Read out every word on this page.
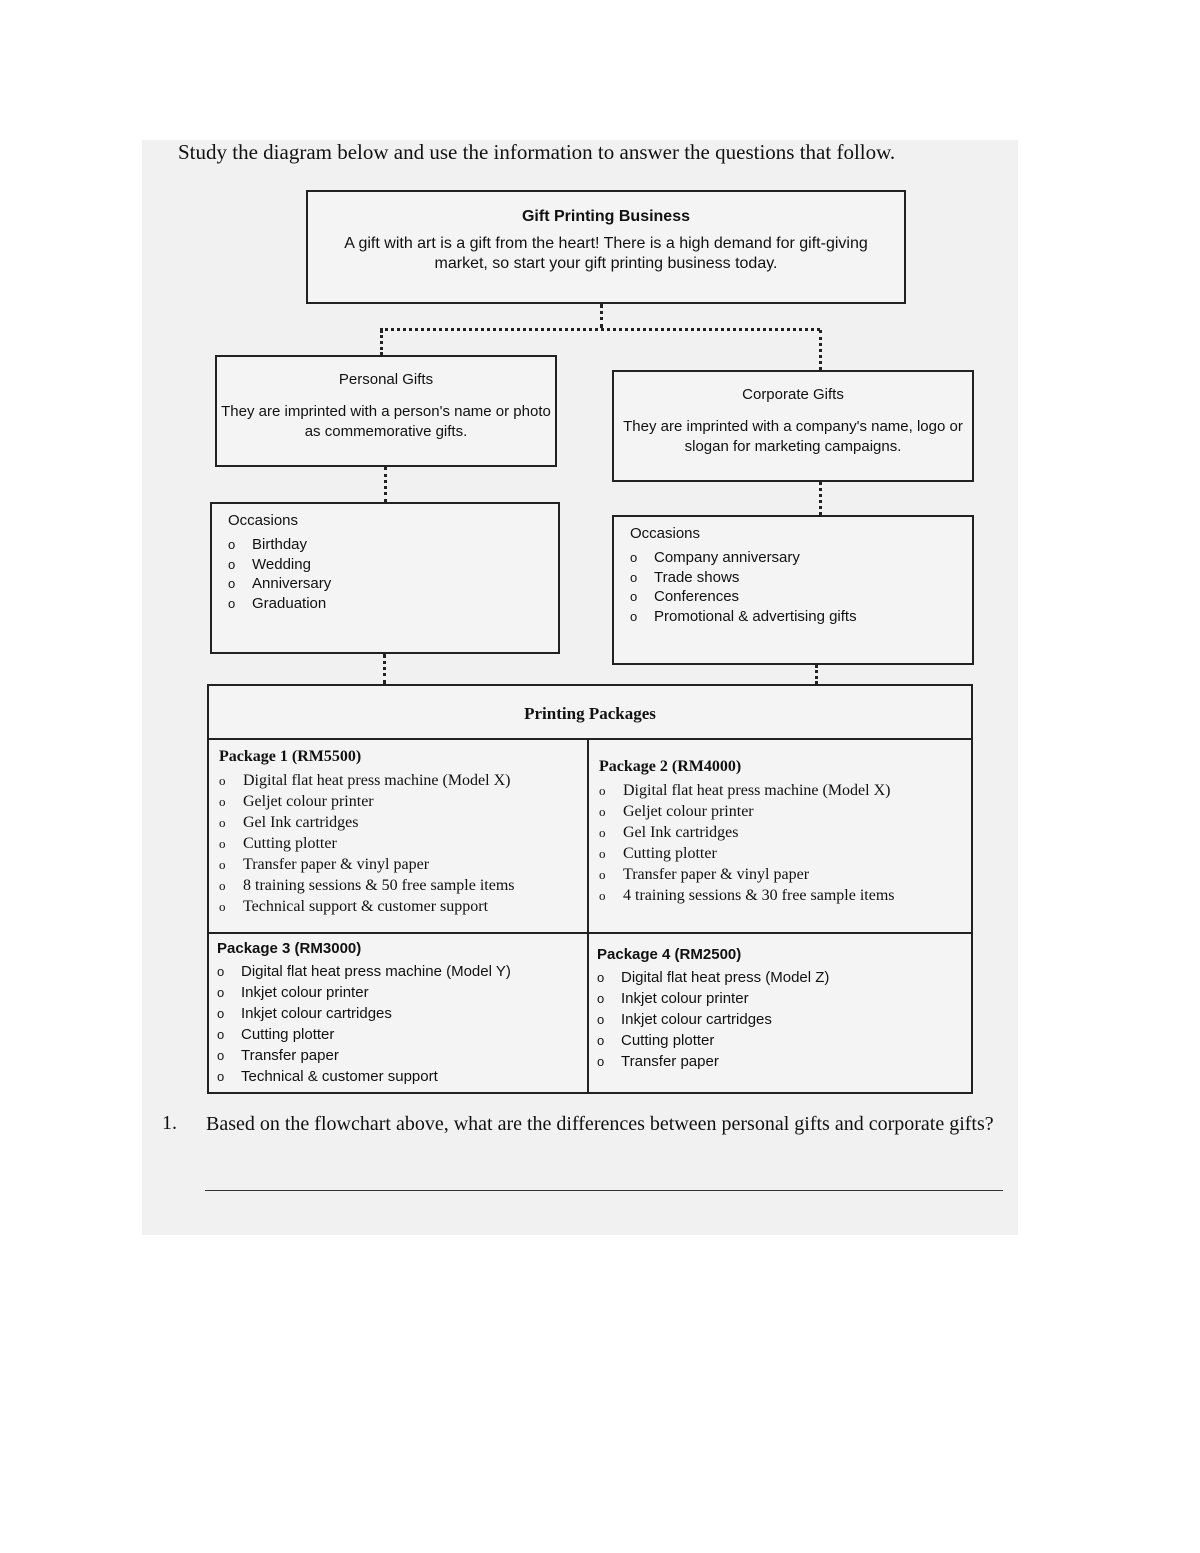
Study the diagram below and use the information to answer the questions that follow.
Gift Printing Business
A gift with art is a gift from the heart! There is a high demand for gift-giving market, so start your gift printing business today.
Personal Gifts
They are imprinted with a person's name or photo as commemorative gifts.
Corporate Gifts
They are imprinted with a company's name, logo or slogan for marketing campaigns.
Occasions
o Birthday
o Wedding
o Anniversary
o Graduation
Occasions
o Company anniversary
o Trade shows
o Conferences
o Promotional & advertising gifts
Printing Packages
Package 1 (RM5500)
o Digital flat heat press machine (Model X)
o Geljet colour printer
o Gel Ink cartridges
o Cutting plotter
o Transfer paper & vinyl paper
o 8 training sessions & 50 free sample items
o Technical support & customer support
Package 2 (RM4000)
o Digital flat heat press machine (Model X)
o Geljet colour printer
o Gel Ink cartridges
o Cutting plotter
o Transfer paper & vinyl paper
o 4 training sessions & 30 free sample items
Package 3 (RM3000)
o Digital flat heat press machine (Model Y)
o Inkjet colour printer
o Inkjet colour cartridges
o Cutting plotter
o Transfer paper
o Technical & customer support
Package 4 (RM2500)
o Digital flat heat press (Model Z)
o Inkjet colour printer
o Inkjet colour cartridges
o Cutting plotter
o Transfer paper
1. Based on the flowchart above, what are the differences between personal gifts and corporate gifts?
